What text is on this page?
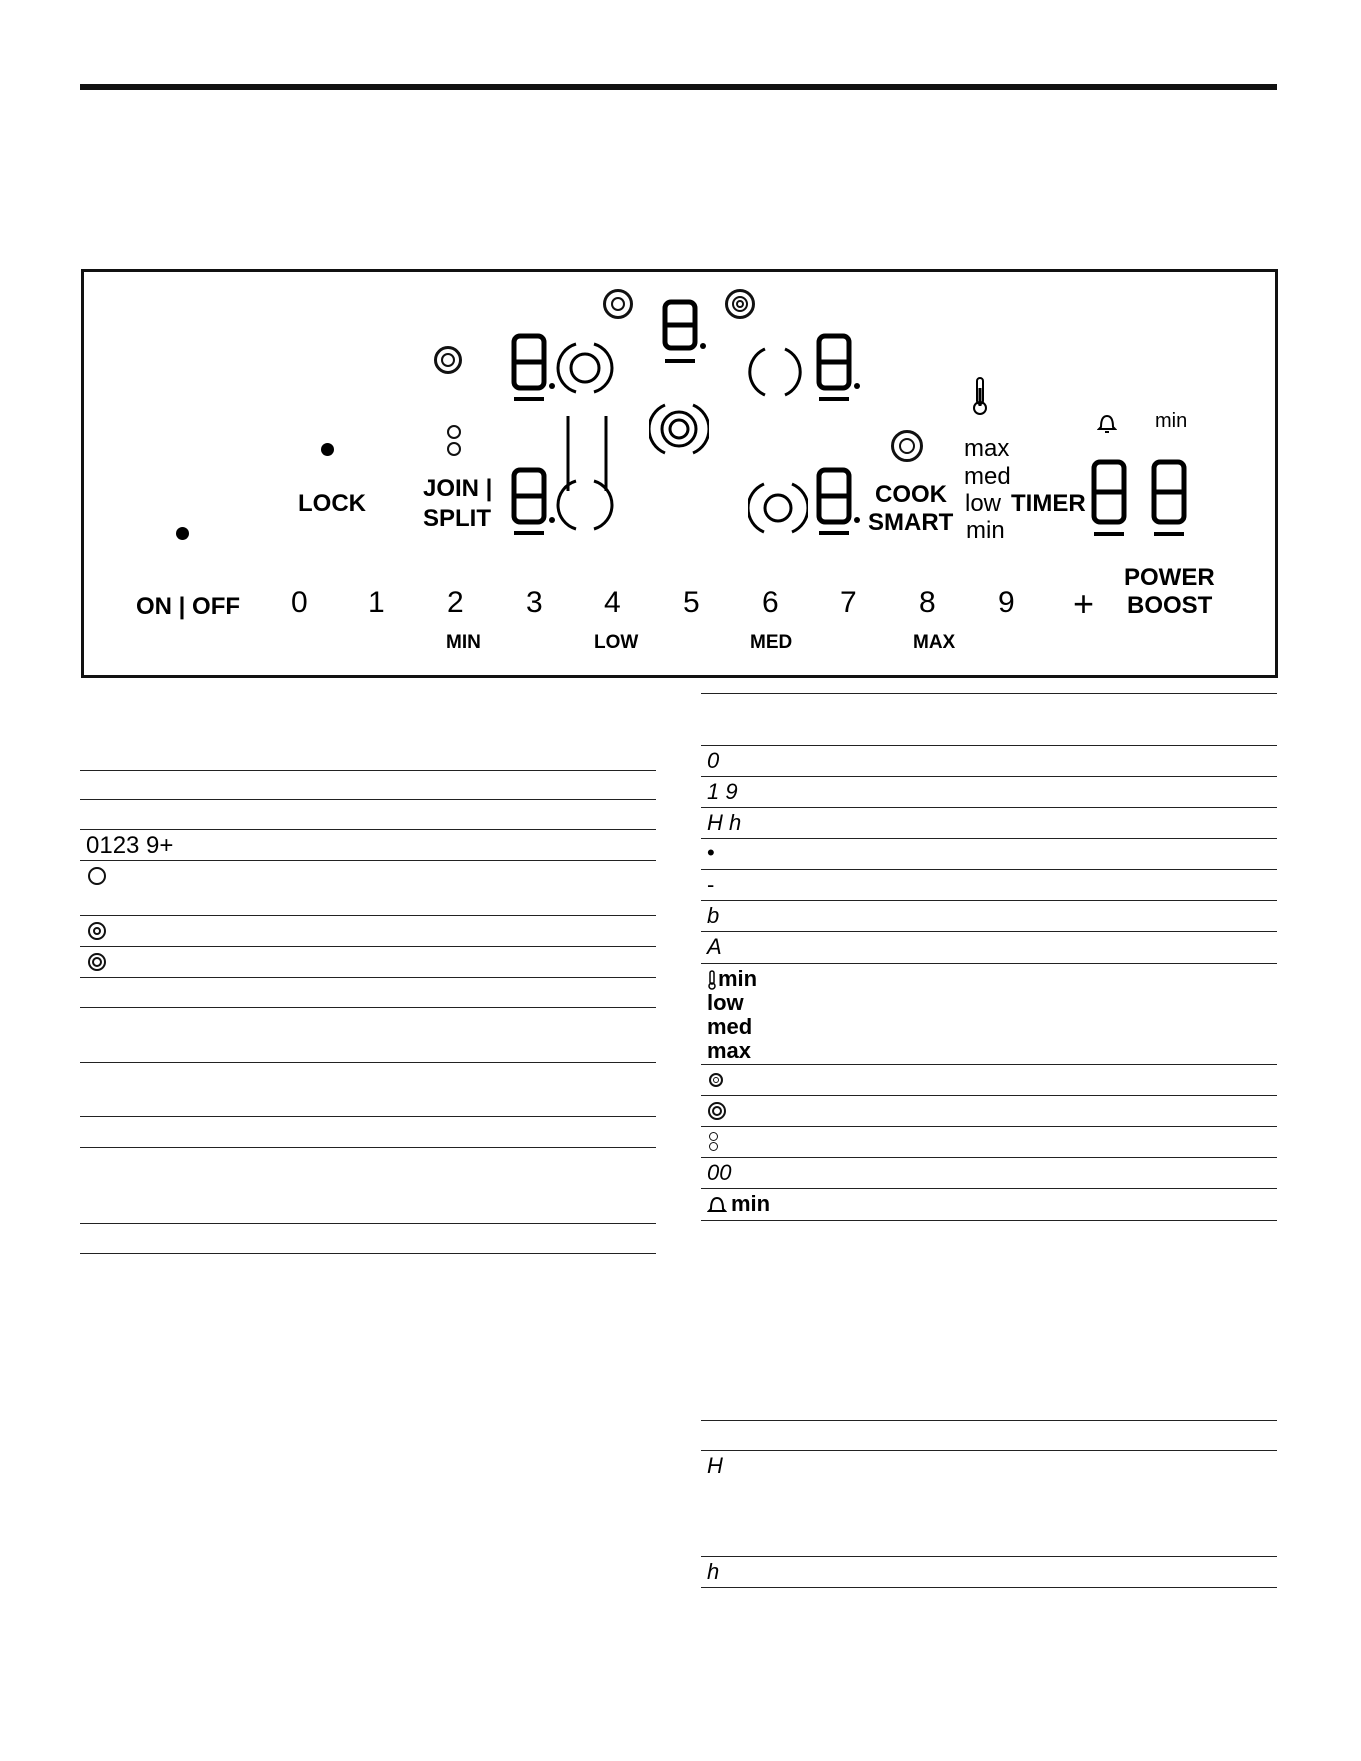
ON | OFF
LOCK
JOIN |
SPLIT
COOK
SMART
max
med
low
min
TIMER
min
0 1 2 3 4 5 6 7 8 9 +
POWER
BOOST
MIN	LOW	MED	MAX
0123 9+
0
1 9
H h
•
-
b
A
min
low
med
max
00
min
H
h
